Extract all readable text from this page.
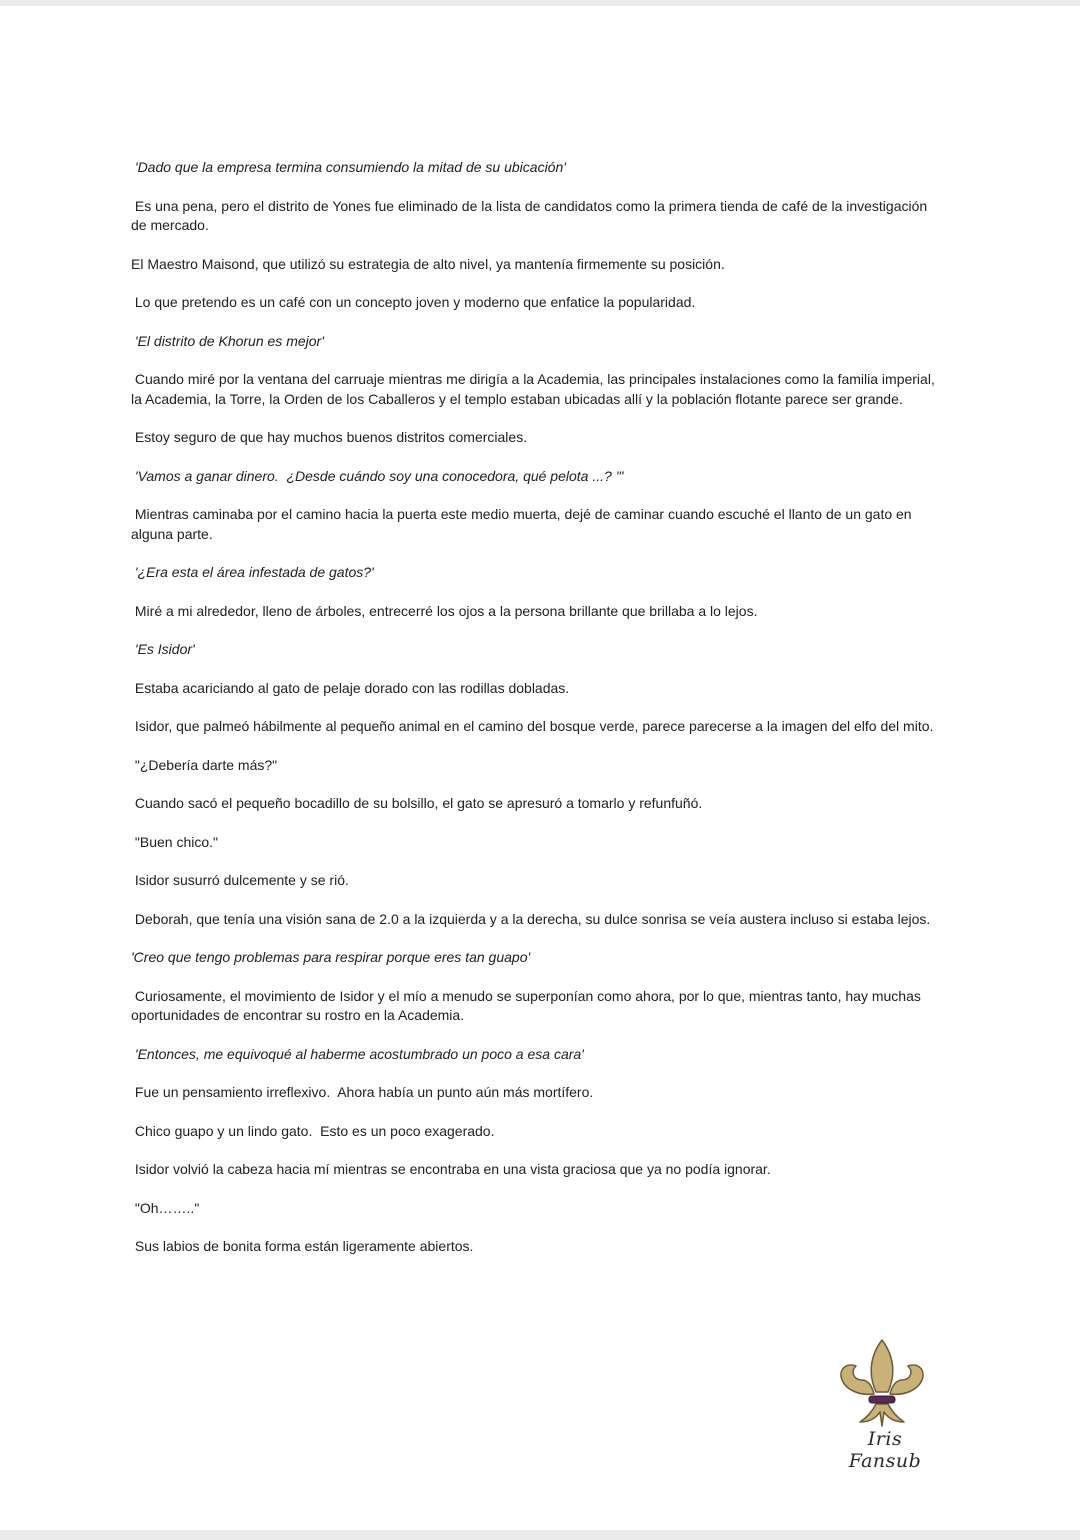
'Dado que la empresa termina consumiendo la mitad de su ubicación'

Es una pena, pero el distrito de Yones fue eliminado de la lista de candidatos como la primera tienda de café de la investigación de mercado.

El Maestro Maisond, que utilizó su estrategia de alto nivel, ya mantenía firmemente su posición.

Lo que pretendo es un café con un concepto joven y moderno que enfatice la popularidad.

'El distrito de Khorun es mejor'

Cuando miré por la ventana del carruaje mientras me dirigía a la Academia, las principales instalaciones como la familia imperial, la Academia, la Torre, la Orden de los Caballeros y el templo estaban ubicadas allí y la población flotante parece ser grande.

Estoy seguro de que hay muchos buenos distritos comerciales.

'Vamos a ganar dinero.  ¿Desde cuándo soy una conocedora, qué pelota ...? '"

Mientras caminaba por el camino hacia la puerta este medio muerta, dejé de caminar cuando escuché el llanto de un gato en alguna parte.

'¿Era esta el área infestada de gatos?'

Miré a mi alrededor, lleno de árboles, entrecerré los ojos a la persona brillante que brillaba a lo lejos.

'Es Isidor'

Estaba acariciando al gato de pelaje dorado con las rodillas dobladas.

Isidor, que palmeó hábilmente al pequeño animal en el camino del bosque verde, parece parecerse a la imagen del elfo del mito.

"¿Debería darte más?"

Cuando sacó el pequeño bocadillo de su bolsillo, el gato se apresuró a tomarlo y refunfuñó.

"Buen chico."

Isidor susurró dulcemente y se rió.

Deborah, que tenía una visión sana de 2.0 a la izquierda y a la derecha, su dulce sonrisa se veía austera incluso si estaba lejos.

'Creo que tengo problemas para respirar porque eres tan guapo'

Curiosamente, el movimiento de Isidor y el mío a menudo se superponían como ahora, por lo que, mientras tanto, hay muchas oportunidades de encontrar su rostro en la Academia.

'Entonces, me equivoqué al haberme acostumbrado un poco a esa cara'

Fue un pensamiento irreflexivo.  Ahora había un punto aún más mortífero.

Chico guapo y un lindo gato.  Esto es un poco exagerado.

Isidor volvió la cabeza hacia mí mientras se encontraba en una vista graciosa que ya no podía ignorar.

"Oh…….."

Sus labios de bonita forma están ligeramente abiertos.

Iris Fansub
